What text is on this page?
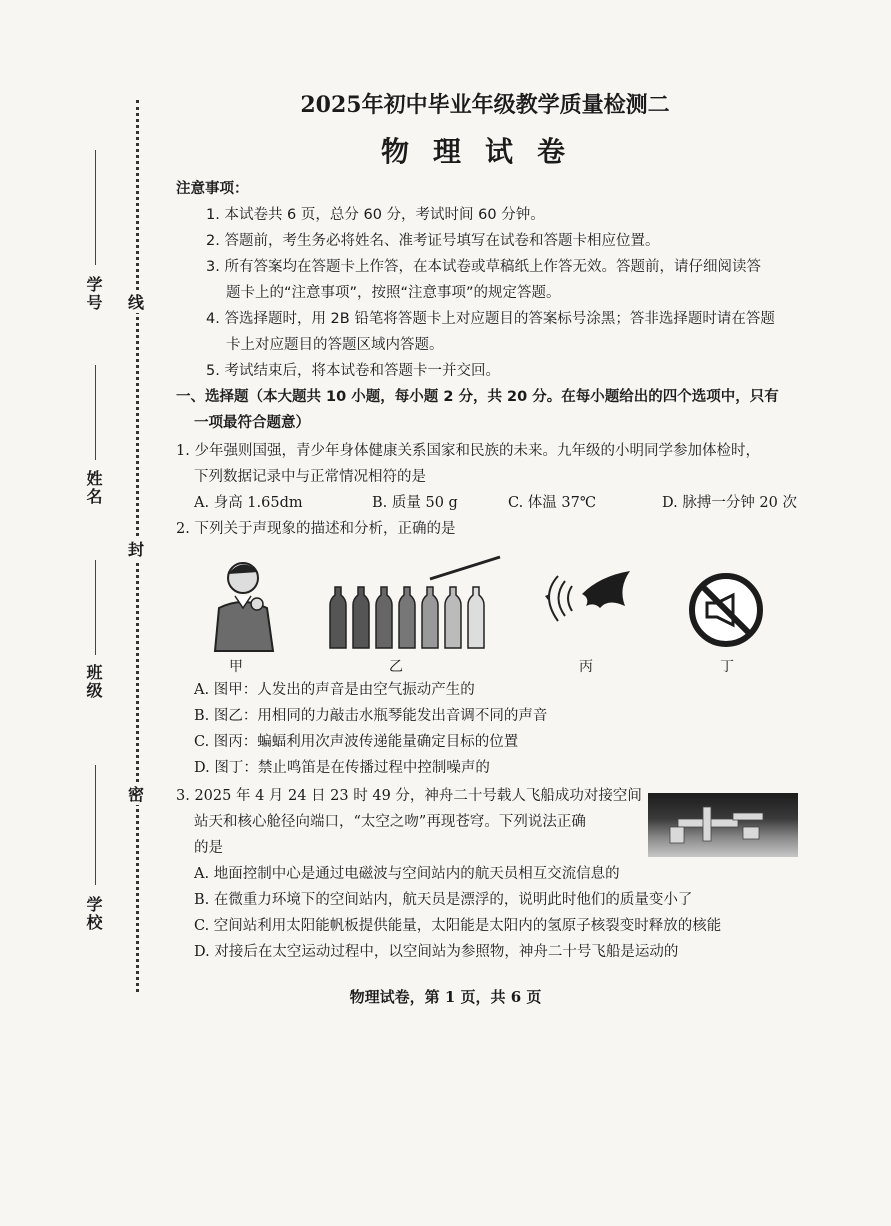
学号
姓名
班级
学校
线
封
密
2025年初中毕业年级教学质量检测二
物理试卷
注意事项：
1. 本试卷共 6 页，总分 60 分，考试时间 60 分钟。
2. 答题前，考生务必将姓名、准考证号填写在试卷和答题卡相应位置。
3. 所有答案均在答题卡上作答，在本试卷或草稿纸上作答无效。答题前，请仔细阅读答
题卡上的“注意事项”，按照“注意事项”的规定答题。
4. 答选择题时，用 2B 铅笔将答题卡上对应题目的答案标号涂黑；答非选择题时请在答题
卡上对应题目的答题区域内答题。
5. 考试结束后，将本试卷和答题卡一并交回。
一、选择题（本大题共 10 小题，每小题 2 分，共 20 分。在每小题给出的四个选项中，只有
一项最符合题意）
1. 少年强则国强，青少年身体健康关系国家和民族的未来。九年级的小明同学参加体检时，
下列数据记录中与正常情况相符的是
A. 身高 1.65dm	B. 质量 50 g	C. 体温 37℃	D. 脉搏一分钟 20 次
2. 下列关于声现象的描述和分析，正确的是
甲	乙	丙	丁
A. 图甲：人发出的声音是由空气振动产生的
B. 图乙：用相同的力敲击水瓶琴能发出音调不同的声音
C. 图丙：蝙蝠利用次声波传递能量确定目标的位置
D. 图丁：禁止鸣笛是在传播过程中控制噪声的
3. 2025 年 4 月 24 日 23 时 49 分，神舟二十号载人飞船成功对接空间
站天和核心舱径向端口，“太空之吻”再现苍穹。下列说法正确
的是
A. 地面控制中心是通过电磁波与空间站内的航天员相互交流信息的
B. 在微重力环境下的空间站内，航天员是漂浮的，说明此时他们的质量变小了
C. 空间站利用太阳能帆板提供能量，太阳能是太阳内的氢原子核裂变时释放的核能
D. 对接后在太空运动过程中，以空间站为参照物，神舟二十号飞船是运动的
物理试卷，第 1 页，共 6 页
